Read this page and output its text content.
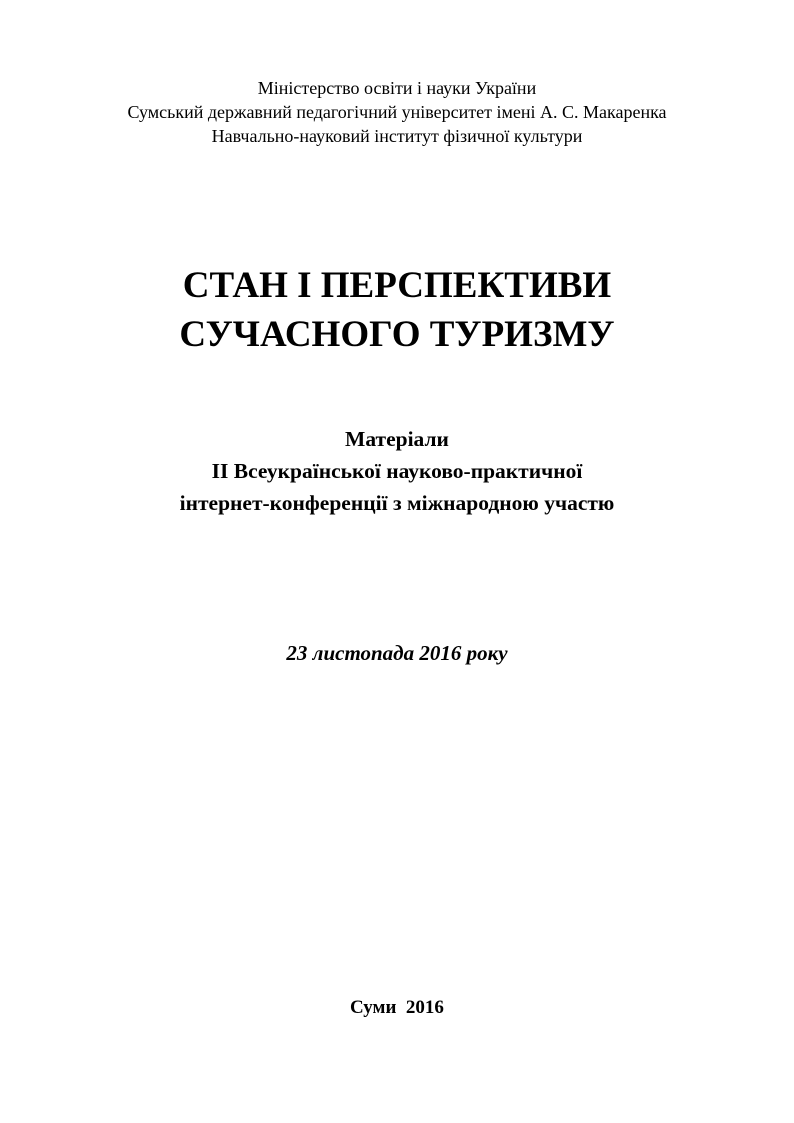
Міністерство освіти і науки України
Сумський державний педагогічний університет імені А. С. Макаренка
Навчально-науковий інститут фізичної культури
СТАН І ПЕРСПЕКТИВИ
СУЧАСНОГО ТУРИЗМУ
Матеріали
ІІ Всеукраїнської науково-практичної
інтернет-конференції з міжнародною участю
23 листопада 2016 року
Суми  2016
